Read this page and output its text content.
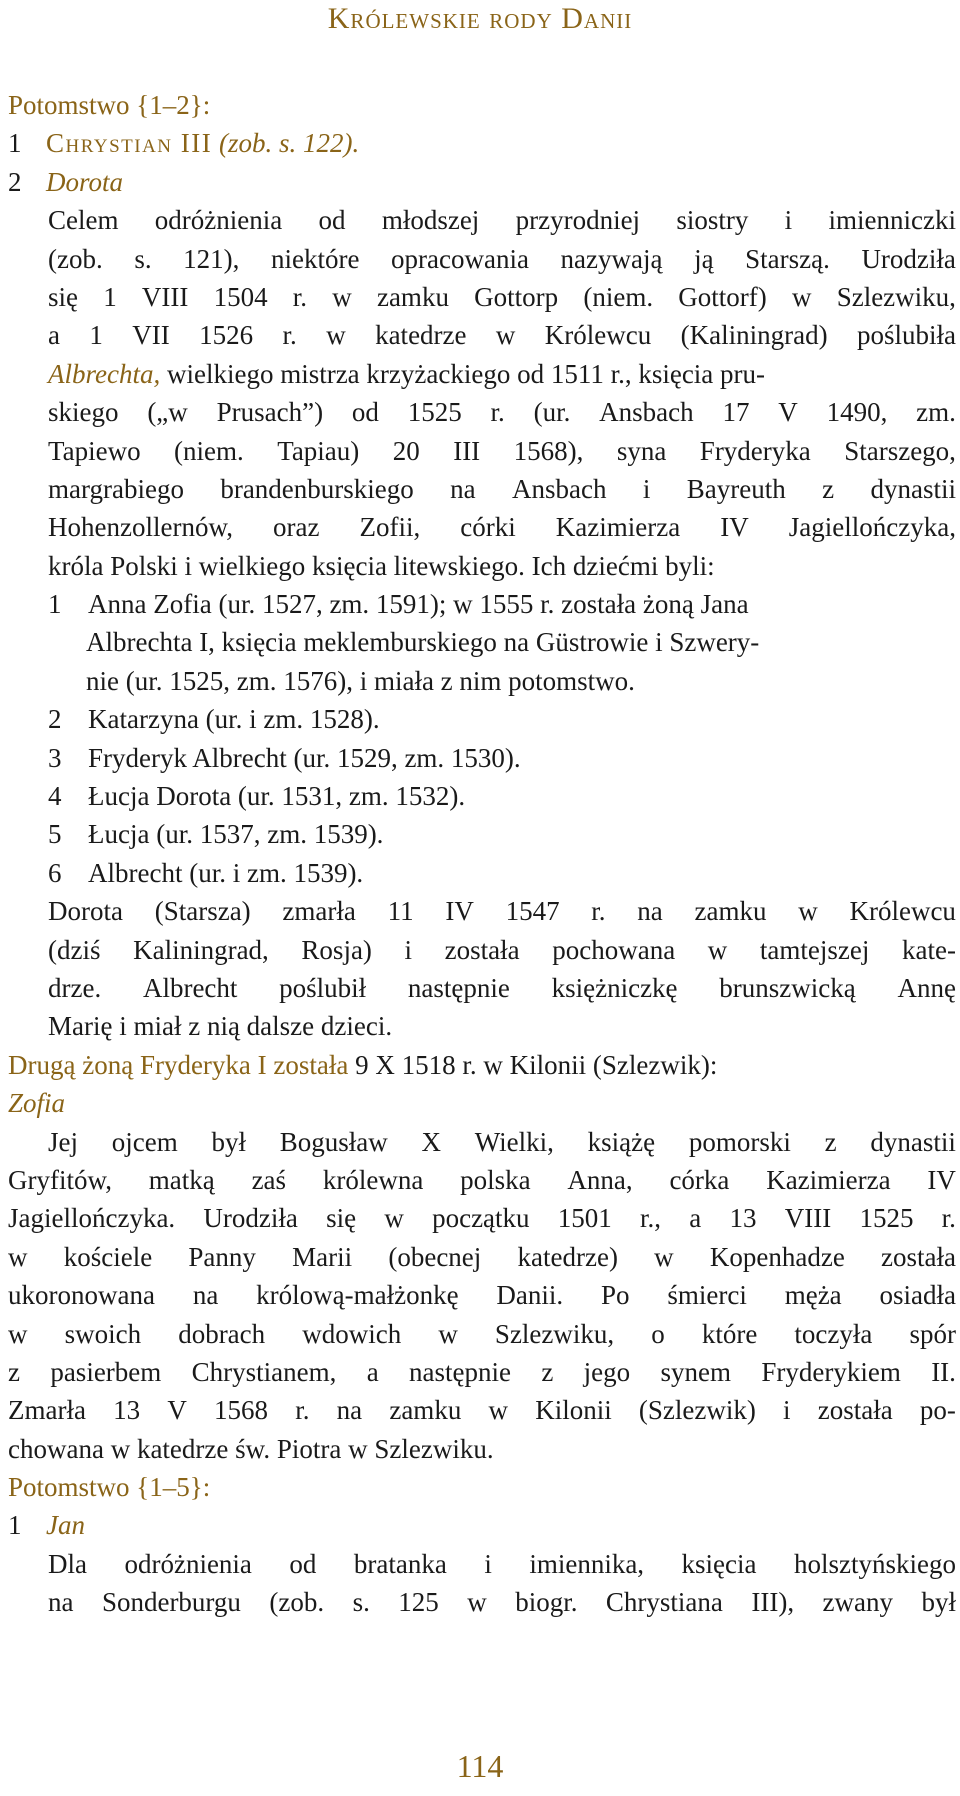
Królewskie rody Danii
Potomstwo {1–2}:
1 Chrystian III (zob. s. 122).
2 Dorota
Celem odróżnienia od młodszej przyrodniej siostry i imienniczki
(zob. s. 121), niektóre opracowania nazywają ją Starszą. Urodziła
się 1 VIII 1504 r. w zamku Gottorp (niem. Gottorf) w Szlezwiku,
a 1 VII 1526 r. w katedrze w Królewcu (Kaliningrad) poślubiła
Albrechta, wielkiego mistrza krzyżackiego od 1511 r., księcia pru-
skiego („w Prusach”) od 1525 r. (ur. Ansbach 17 V 1490, zm.
Tapiewo (niem. Tapiau) 20 III 1568), syna Fryderyka Starszego,
margrabiego brandenburskiego na Ansbach i Bayreuth z dynastii
Hohenzollernów, oraz Zofii, córki Kazimierza IV Jagiellończyka,
króla Polski i wielkiego księcia litewskiego. Ich dziećmi byli:
1 Anna Zofia (ur. 1527, zm. 1591); w 1555 r. została żoną Jana
Albrechta I, księcia meklemburskiego na Güstrowie i Szwery-
nie (ur. 1525, zm. 1576), i miała z nim potomstwo.
2 Katarzyna (ur. i zm. 1528).
3 Fryderyk Albrecht (ur. 1529, zm. 1530).
4 Łucja Dorota (ur. 1531, zm. 1532).
5 Łucja (ur. 1537, zm. 1539).
6 Albrecht (ur. i zm. 1539).
Dorota (Starsza) zmarła 11 IV 1547 r. na zamku w Królewcu
(dziś Kaliningrad, Rosja) i została pochowana w tamtejszej kate-
drze. Albrecht poślubił następnie księżniczkę brunszwicką Annę
Marię i miał z nią dalsze dzieci.
Drugą żoną Fryderyka I została 9 X 1518 r. w Kilonii (Szlezwik):
Zofia
Jej ojcem był Bogusław X Wielki, książę pomorski z dynastii
Gryfitów, matką zaś królewna polska Anna, córka Kazimierza IV
Jagiellończyka. Urodziła się w początku 1501 r., a 13 VIII 1525 r.
w kościele Panny Marii (obecnej katedrze) w Kopenhadze została
ukoronowana na królową-małżonkę Danii. Po śmierci męża osiadła
w swoich dobrach wdowich w Szlezwiku, o które toczyła spór
z pasierbem Chrystianem, a następnie z jego synem Fryderykiem II.
Zmarła 13 V 1568 r. na zamku w Kilonii (Szlezwik) i została po-
chowana w katedrze św. Piotra w Szlezwiku.
Potomstwo {1–5}:
1 Jan
Dla odróżnienia od bratanka i imiennika, księcia holsztyńskiego
na Sonderburgu (zob. s. 125 w biogr. Chrystiana III), zwany był
114
